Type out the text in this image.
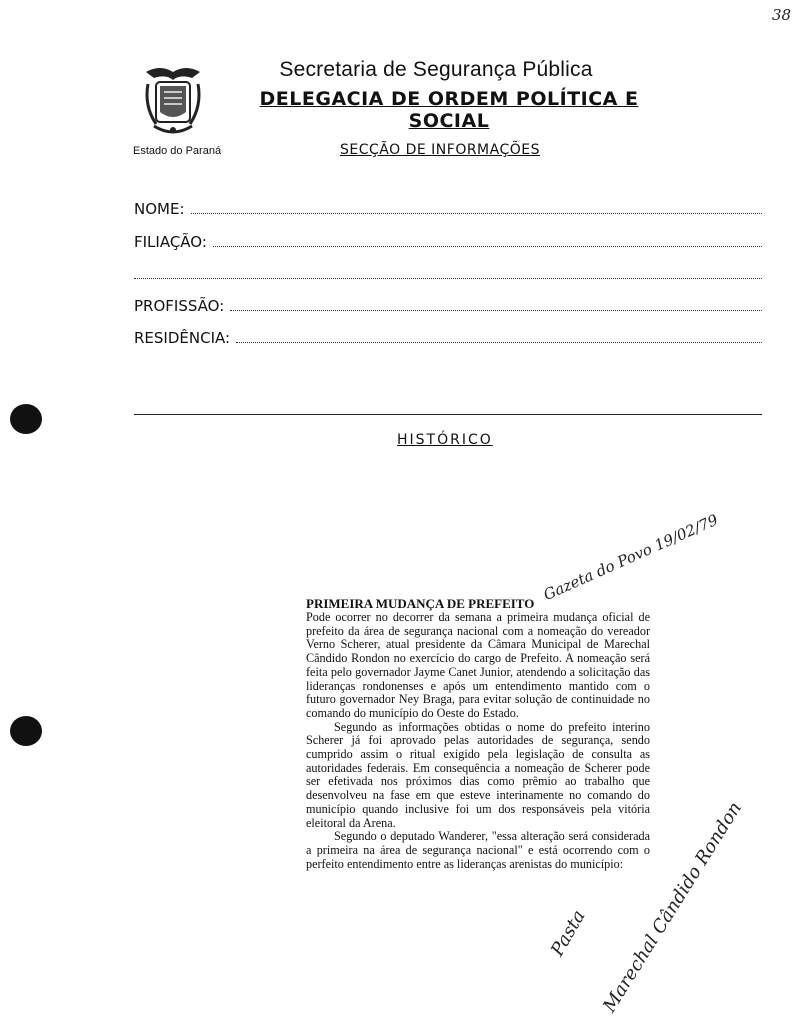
38
Secretaria de Segurança Pública
DELEGACIA DE ORDEM POLÍTICA E SOCIAL
Estado do Paraná	SECÇÃO DE INFORMAÇÕES
NOME:
FILIAÇÃO:
PROFISSÃO:
RESIDÊNCIA:
HISTÓRICO
PRIMEIRA MUDANÇA DE PREFEITO

Pode ocorrer no decorrer da semana a primeira mudança oficial de prefeito da área de segurança nacional com a nomeação do vereador Verno Scherer, atual presidente da Câmara Municipal de Marechal Cândido Rondon no exercício do cargo de Prefeito. A nomeação será feita pelo governador Jayme Canet Junior, atendendo a solicitação das lideranças rondonenses e após um entendimento mantido com o futuro governador Ney Braga, para evitar solução de continuidade no comando do município do Oeste do Estado.

Segundo as informações obtidas o nome do prefeito interino Scherer já foi aprovado pelas autoridades de segurança, sendo cumprido assim o ritual exigido pela legislação de consulta as autoridades federais. Em consequência a nomeação de Scherer pode ser efetivada nos próximos dias como prêmio ao trabalho que desenvolveu na fase em que esteve interinamente no comando do município quando inclusive foi um dos responsáveis pela vitória eleitoral da Arena.

Segundo o deputado Wanderer, "essa alteração será considerada a primeira na área de segurança nacional" e está ocorrendo com o perfeito entendimento entre as lideranças arenistas do município:

Gazeta do Povo 19/02/79
Pasta Marechal Cândido Rondon
